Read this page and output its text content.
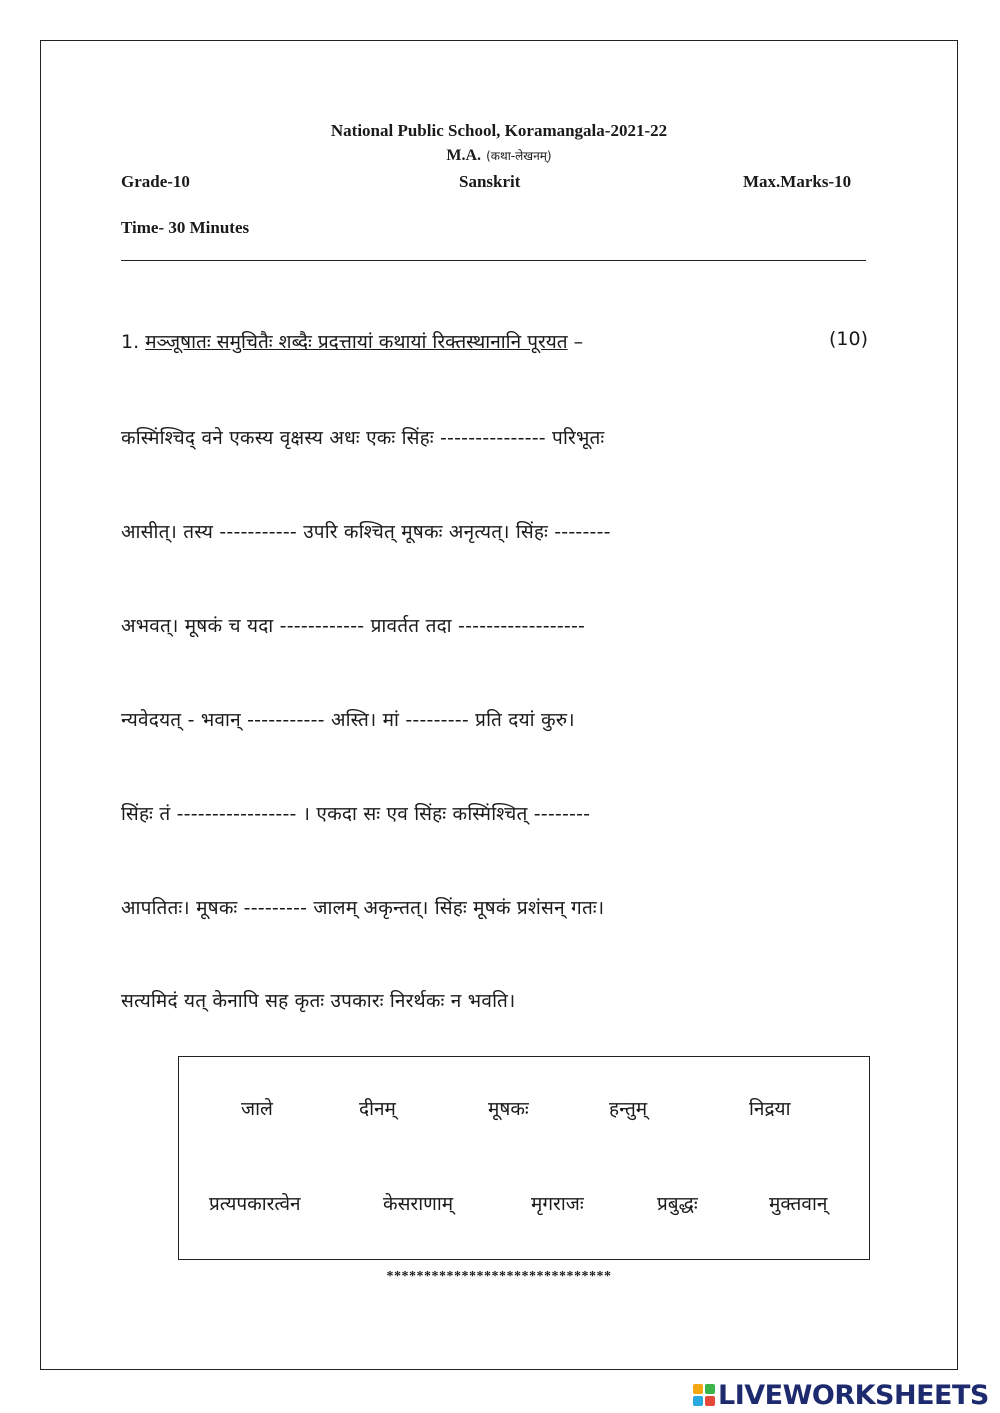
National Public School, Koramangala-2021-22
M.A. (कथा-लेखनम्)
Grade-10	Sanskrit	Max.Marks-10
Time- 30 Minutes
1. मञ्जूषातः समुचितैः शब्दैः प्रदत्तायां कथायां रिक्तस्थानानि पूरयत –	(10)
कस्मिंश्चिद् वने एकस्य वृक्षस्य अधः एकः सिंहः --------------- परिभूतः
आसीत्। तस्य ----------- उपरि कश्चित् मूषकः अनृत्यत्। सिंहः --------
अभवत्। मूषकं च यदा ------------ प्रावर्तत तदा ------------------
न्यवेदयत् - भवान् ----------- अस्ति। मां --------- प्रति दयां कुरु।
सिंहः तं ----------------- । एकदा सः एव सिंहः कस्मिंश्चित् --------
आपतितः। मूषकः --------- जालम् अकृन्तत्। सिंहः मूषकं प्रशंसन् गतः।
सत्यमिदं यत् केनापि सह कृतः उपकारः निरर्थकः न भवति।
जाले	दीनम्	मूषकः	हन्तुम्	निद्रया
प्रत्यपकारत्वेन	केसराणाम्	मृगराजः	प्रबुद्धः	मुक्तवान्
******************************
LIVEWORKSHEETS
